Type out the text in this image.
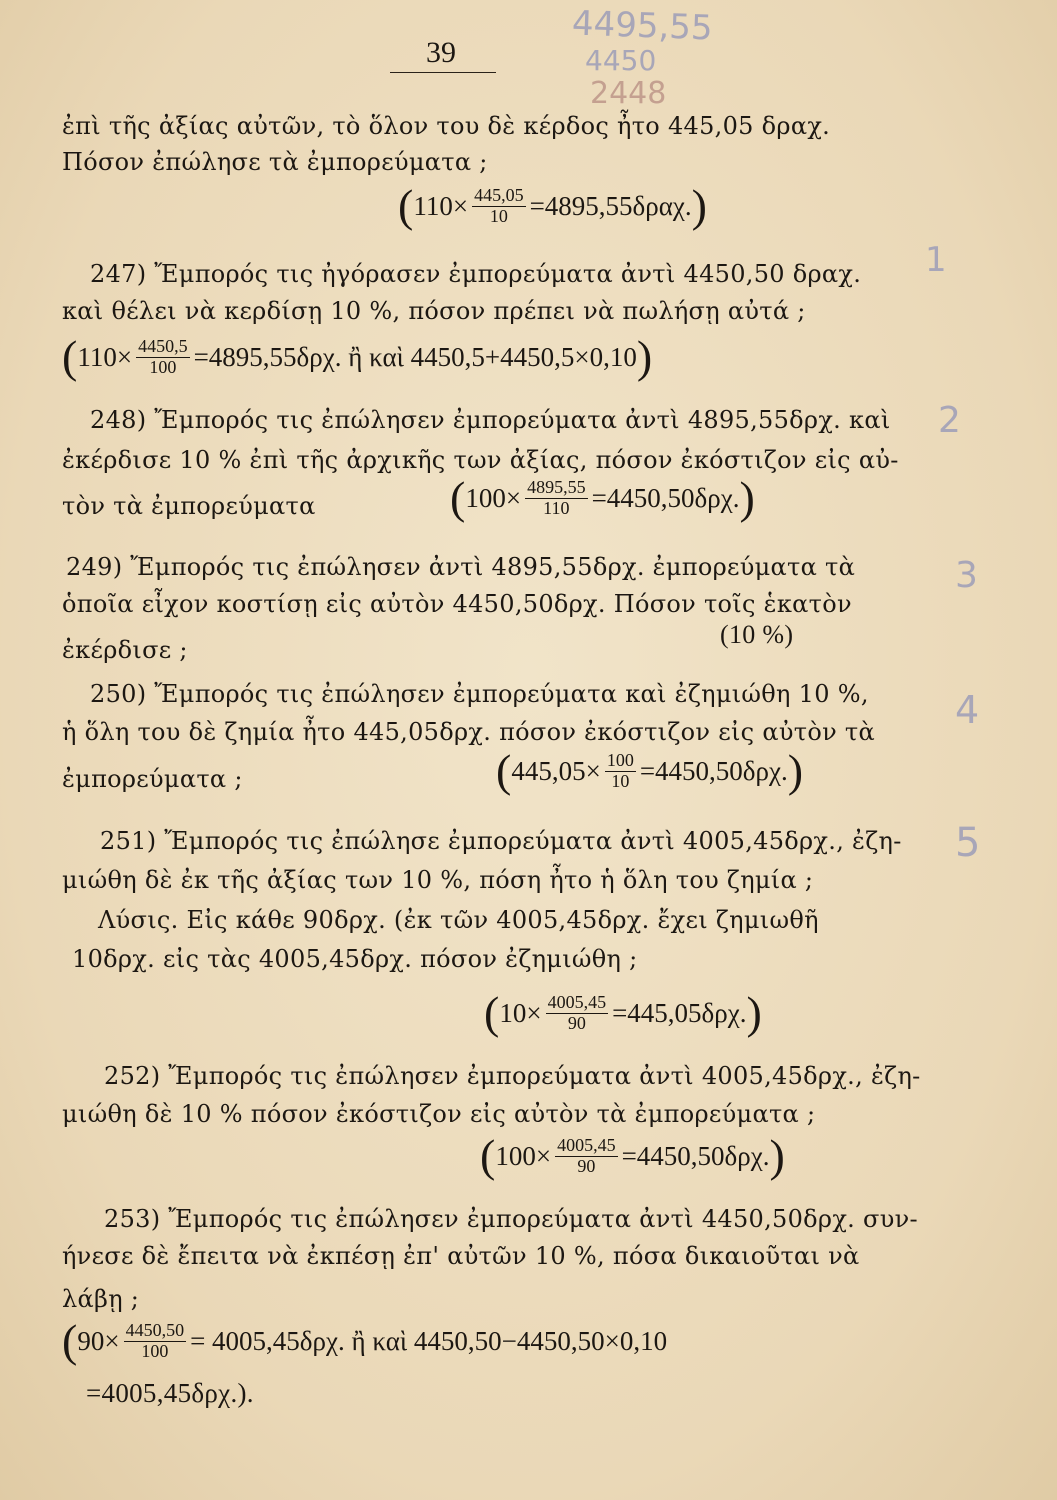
39
4495,55
4450
2448
1
2
3
4
5
ἐπὶ τῆς ἀξίας αὐτῶν, τὸ ὅλον του δὲ κέρδος ἦτο 445,05 δραχ.
Πόσον ἐπώλησε τὰ ἐμπορεύματα ;
( $110\times \frac{445,05}{10} =4895,55\delta\rho\alpha\chi$. )
247) Ἔμπορός τις ἠγόρασεν ἐμπορεύματα ἀντὶ 4450,50 δραχ.
καὶ θέλει νὰ κερδίσῃ 10 %, πόσον πρέπει νὰ πωλήσῃ αὐτά ;
( $110\times \frac{4450,5}{100} =4895,55\delta\rho\chi$. ἢ καὶ 4450,5+4450,5×0,10 )
248) Ἔμπορός τις ἐπώλησεν ἐμπορεύματα ἀντὶ 4895,55δρχ. καὶ
ἐκέρδισε 10 % ἐπὶ τῆς ἀρχικῆς των ἀξίας, πόσον ἐκόστιζον εἰς αὐ-
τὸν τὰ ἐμπορεύματα	( $100\times \frac{4895,55}{110} =4450,50\delta\rho\chi$. )
249) Ἔμπορός τις ἐπώλησεν ἀντὶ 4895,55δρχ. ἐμπορεύματα τὰ
ὁποῖα εἶχον κοστίσῃ εἰς αὐτὸν 4450,50δρχ. Πόσον τοῖς ἑκατὸν
ἐκέρδισε ;
(10 %)
250) Ἔμπορός τις ἐπώλησεν ἐμπορεύματα καὶ ἐζημιώθη 10 %,
ἡ ὅλη του δὲ ζημία ἦτο 445,05δρχ. πόσον ἐκόστιζον εἰς αὐτὸν τὰ
ἐμπορεύματα ;	( $445,05\times \frac{100}{10} =4450,50\delta\rho\chi$. )
251) Ἔμπορός τις ἐπώλησε ἐμπορεύματα ἀντὶ 4005,45δρχ., ἐζη-
μιώθη δὲ ἐκ τῆς ἀξίας των 10 %, πόση ἦτο ἡ ὅλη του ζημία ;
Λύσις. Εἰς κάθε 90δρχ. (ἐκ τῶν 4005,45δρχ. ἔχει ζημιωθῆ
10δρχ. εἰς τὰς 4005,45δρχ. πόσον ἐζημιώθη ;
( $10\times \frac{4005,45}{90} =445,05\delta\rho\chi$. )
252) Ἔμπορός τις ἐπώλησεν ἐμπορεύματα ἀντὶ 4005,45δρχ., ἐζη-
μιώθη δὲ 10 % πόσον ἐκόστιζον εἰς αὐτὸν τὰ ἐμπορεύματα ;
( $100\times \frac{4005,45}{90} =4450,50\delta\rho\chi$. )
253) Ἔμπορός τις ἐπώλησεν ἐμπορεύματα ἀντὶ 4450,50δρχ. συν-
ήνεσε δὲ ἔπειτα νὰ ἐκπέσῃ ἐπ' αὐτῶν 10 %, πόσα δικαιοῦται νὰ
λάβῃ ;
( $90\times \frac{4450,50}{100} = 4005,45\delta\rho\chi$. ἢ καὶ 4450,50−4450,50×0,10
=4005,45δρχ.).
